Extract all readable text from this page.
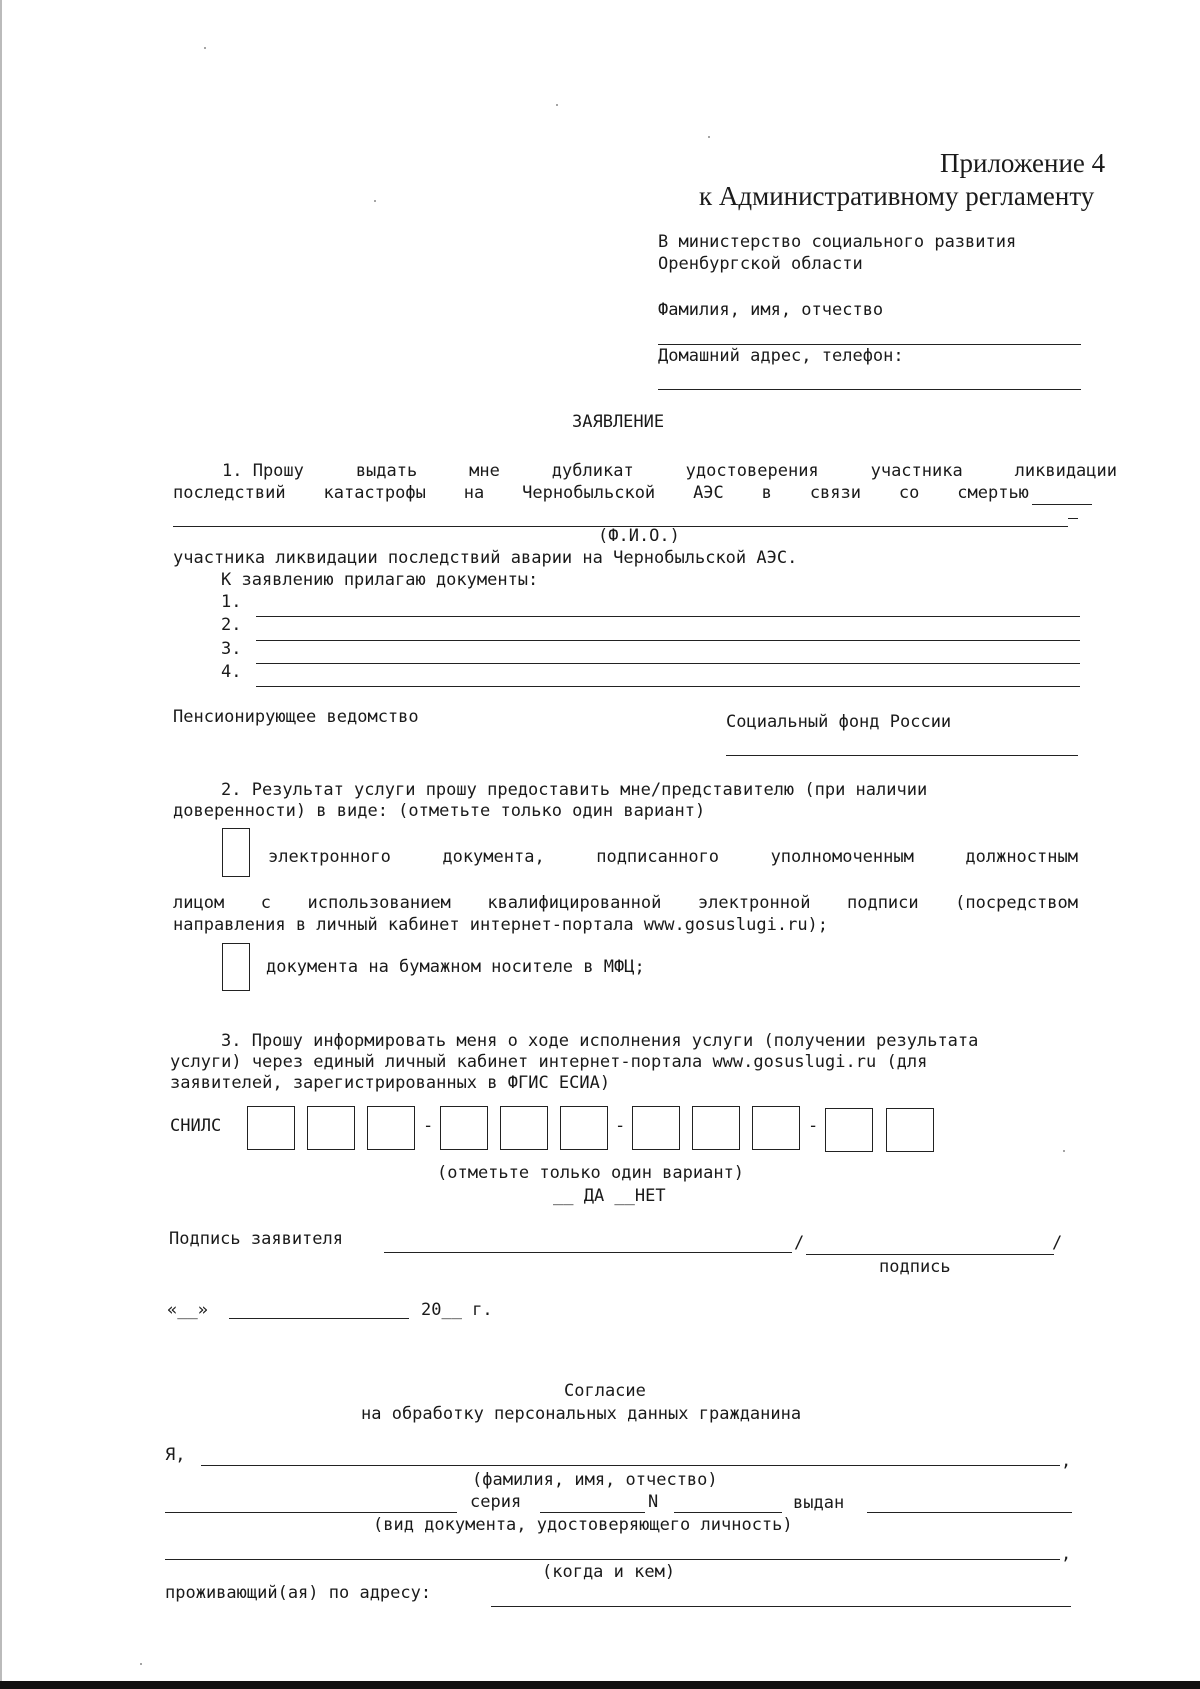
Приложение 4
к Административному регламенту
В министерство социального развития
Оренбургской области
Фамилия, имя, отчество
Домашний адрес, телефон:
ЗАЯВЛЕНИЕ
1. Прошу	выдать	мне	дубликат	удостоверения	участника	ликвидации
последствий катастрофы на Чернобыльской АЭС в связи со смертью
(Ф.И.О.)
участника ликвидации последствий аварии на Чернобыльской АЭС.
К заявлению прилагаю документы:
1.
2.
3.
4.
Пенсионирующее ведомство	Социальный фонд России
2. Результат услуги прошу предоставить мне/представителю (при наличии
доверенности) в виде: (отметьте только один вариант)
электронного	документа,	подписанного	уполномоченным	должностным
лицом с использованием квалифицированной электронной подписи (посредством
направления в личный кабинет интернет-портала www.gosuslugi.ru);
документа на бумажном носителе в МФЦ;
3. Прошу информировать меня о ходе исполнения услуги (получении результата
услуги) через единый личный кабинет интернет-портала www.gosuslugi.ru (для
заявителей, зарегистрированных в ФГИС ЕСИА)
СНИЛС	-	-	-
(отметьте только один вариант)
__ ДА __НЕТ
Подпись заявителя	/	/
подпись
«__»	20__ г.
Согласие
на обработку персональных данных гражданина
Я,	,
(фамилия, имя, отчество)
серия	N	выдан
(вид документа, удостоверяющего личность)
,
(когда и кем)
проживающий(ая) по адресу:
